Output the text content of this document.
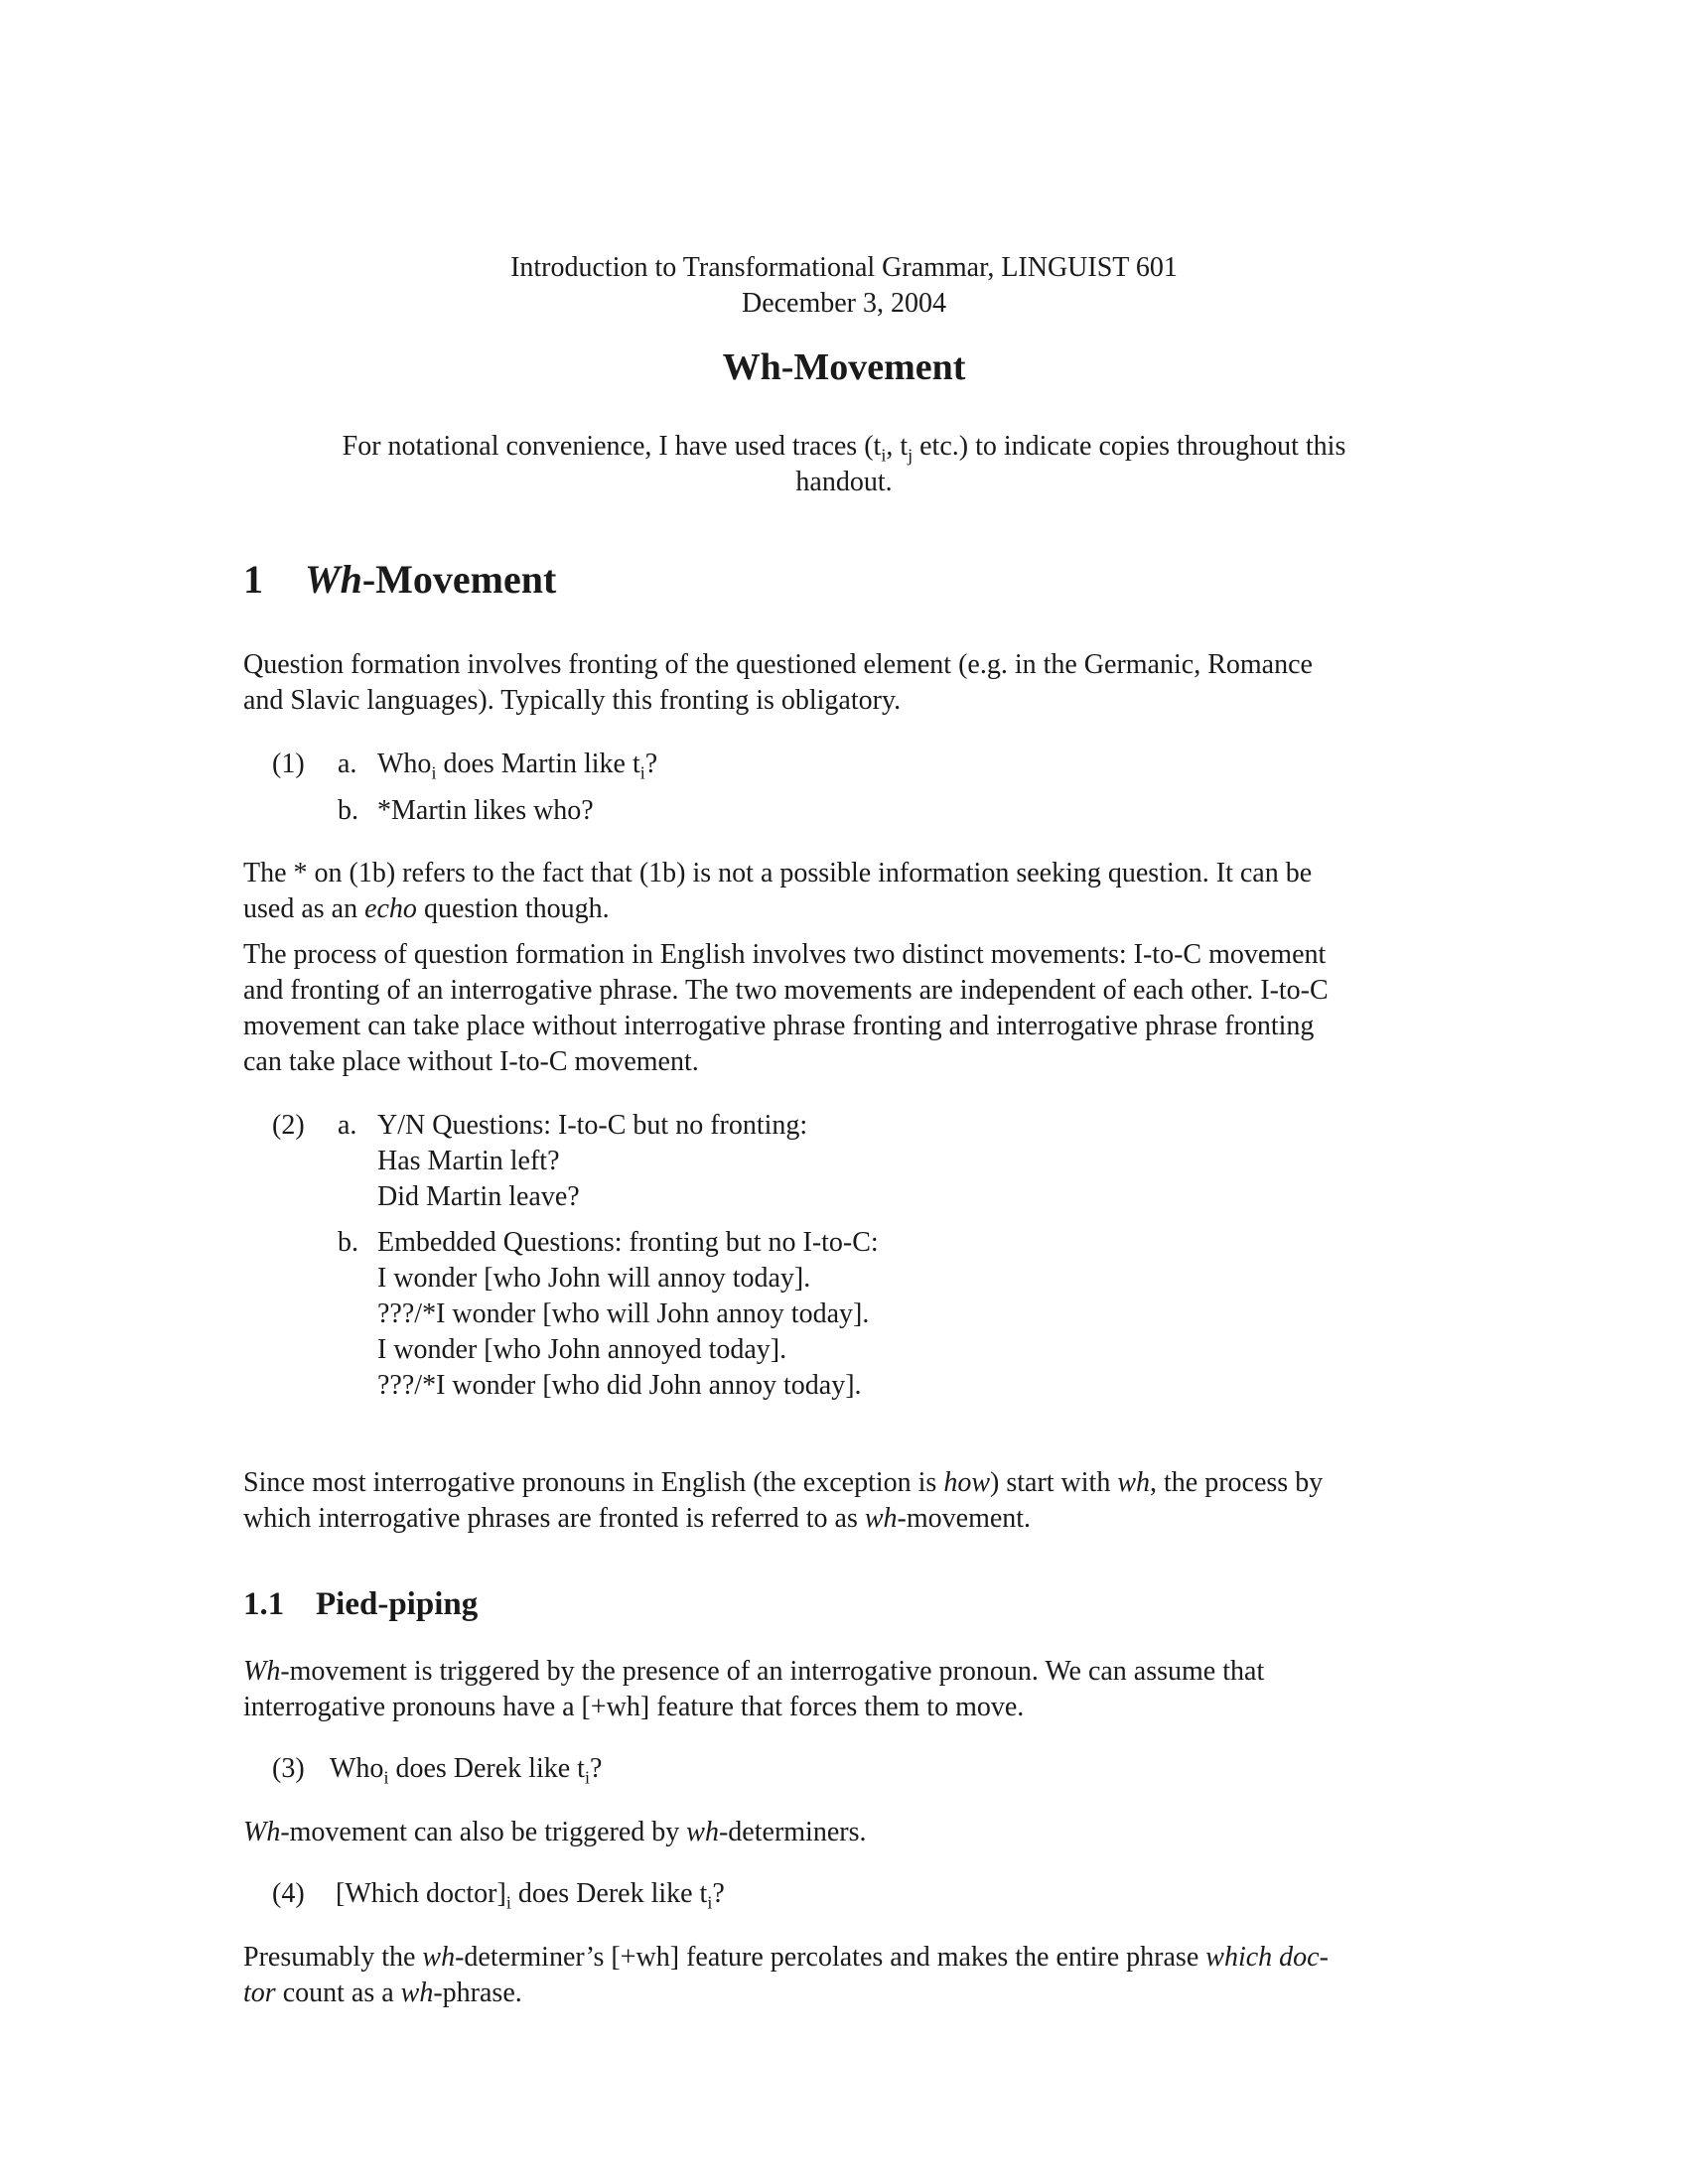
Introduction to Transformational Grammar, LINGUIST 601
December 3, 2004
Wh-Movement
For notational convenience, I have used traces ($t_i$, $t_j$ etc.) to indicate copies throughout this
handout.
1 Wh-Movement
Question formation involves fronting of the questioned element (e.g. in the Germanic, Romance
and Slavic languages). Typically this fronting is obligatory.
(1)	a. Who$_i$ does Martin like $t_i$?
b. *Martin likes who?
The * on (1b) refers to the fact that (1b) is not a possible information seeking question. It can be
used as an echo question though.
The process of question formation in English involves two distinct movements: I-to-C movement
and fronting of an interrogative phrase. The two movements are independent of each other. I-to-C
movement can take place without interrogative phrase fronting and interrogative phrase fronting
can take place without I-to-C movement.
(2)	a. Y/N Questions: I-to-C but no fronting:
Has Martin left?
Did Martin leave?
b. Embedded Questions: fronting but no I-to-C:
I wonder [who John will annoy today].
???/*I wonder [who will John annoy today].
I wonder [who John annoyed today].
???/*I wonder [who did John annoy today].
Since most interrogative pronouns in English (the exception is how) start with wh, the process by
which interrogative phrases are fronted is referred to as wh-movement.
1.1 Pied-piping
Wh-movement is triggered by the presence of an interrogative pronoun. We can assume that
interrogative pronouns have a [+wh] feature that forces them to move.
(3) Who$_i$ does Derek like $t_i$?
Wh-movement can also be triggered by wh-determiners.
(4)	[Which $doctor]_i$ does Derek like $t_i$?
Presumably the wh-determiner’s [+wh] feature percolates and makes the entire phrase which doc-
tor count as a wh-phrase.
